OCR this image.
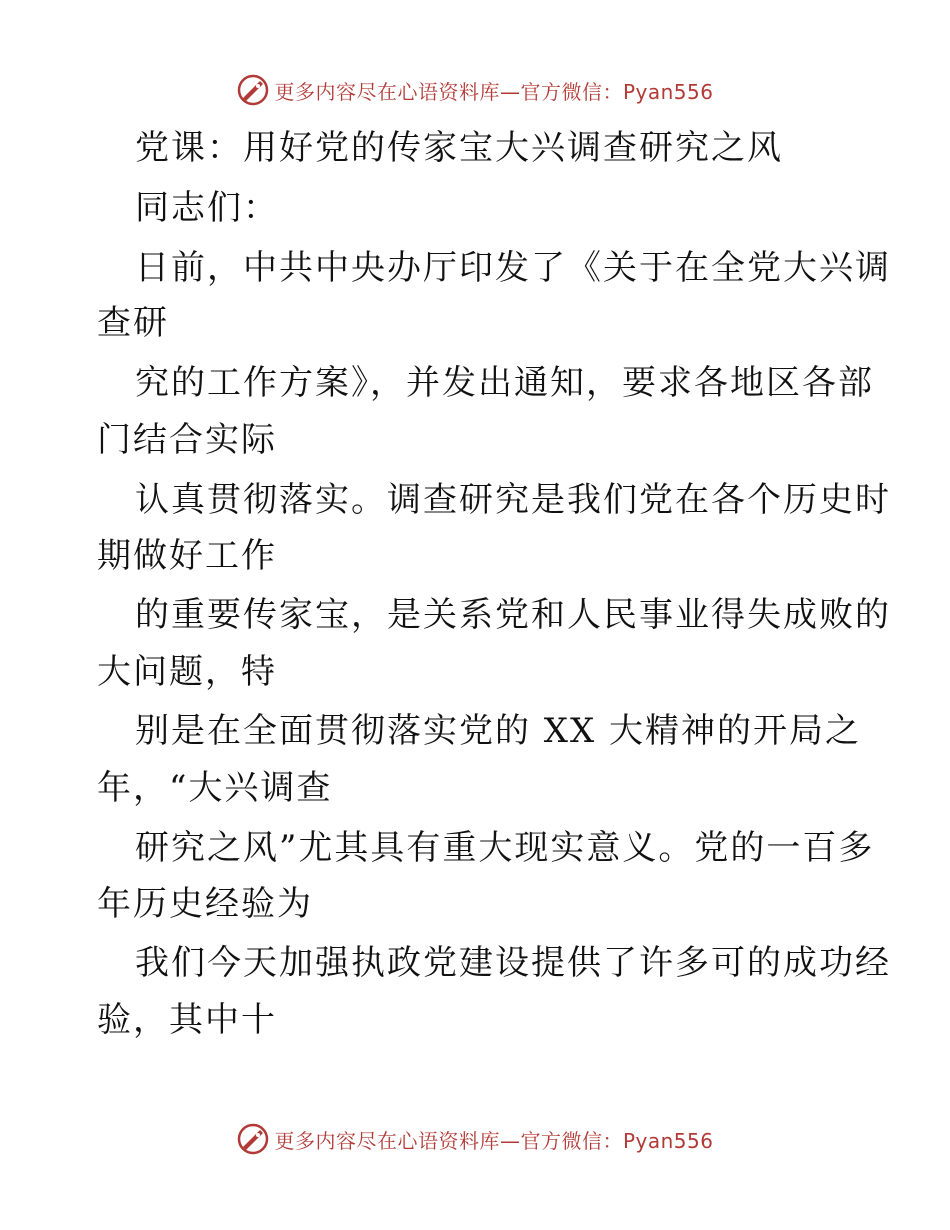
更多内容尽在心语资料库—官方微信：Pyan556
党课：用好党的传家宝大兴调查研究之风
同志们：
日前，中共中央办厅印发了《关于在全党大兴调
查研
究的工作方案》，并发出通知，要求各地区各部
门结合实际
认真贯彻落实。调查研究是我们党在各个历史时
期做好工作
的重要传家宝，是关系党和人民事业得失成败的
大问题，特
别是在全面贯彻落实党的 XX 大精神的开局之
年，“大兴调查
研究之风”尤其具有重大现实意义。党的一百多
年历史经验为
我们今天加强执政党建设提供了许多可的成功经
验，其中十
更多内容尽在心语资料库—官方微信：Pyan556
